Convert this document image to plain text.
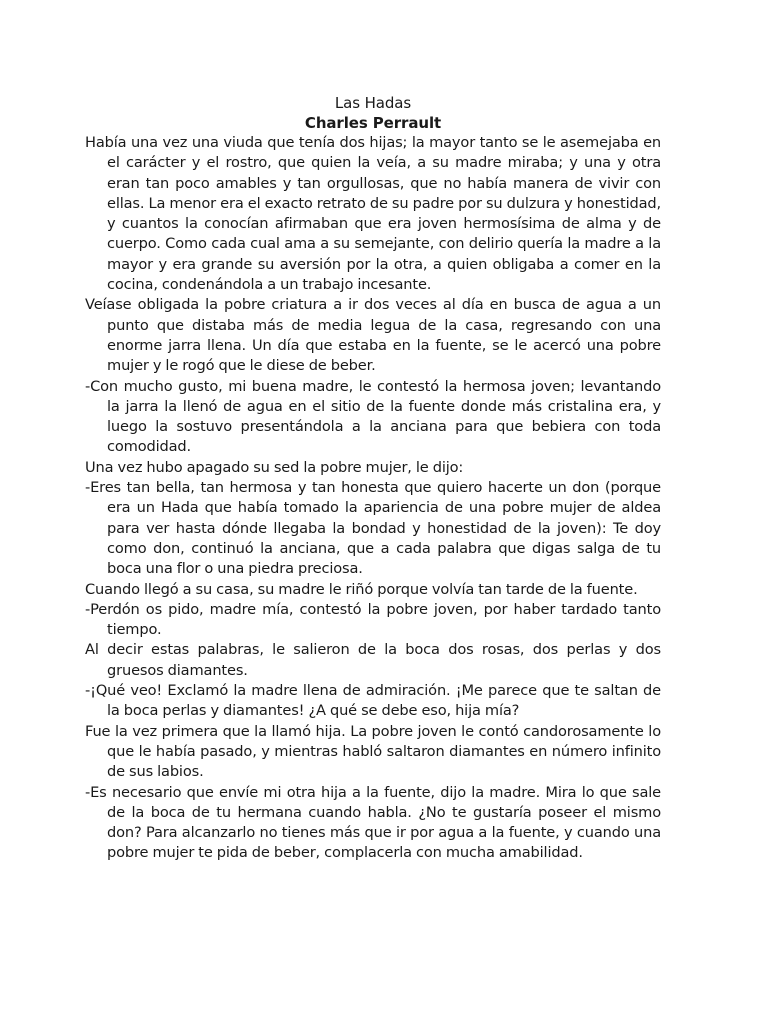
Las Hadas

Charles Perrault

Había una vez una viuda que tenía dos hijas; la mayor tanto se le asemejaba en el carácter y el rostro, que quien la veía, a su madre miraba; y una y otra eran tan poco amables y tan orgullosas, que no había manera de vivir con ellas. La menor era el exacto retrato de su padre por su dulzura y honestidad, y cuantos la conocían afirmaban que era joven hermosísima de alma y de cuerpo. Como cada cual ama a su semejante, con delirio quería la madre a la mayor y era grande su aversión por la otra, a quien obligaba a comer en la cocina, condenándola a un trabajo incesante.

Veíase obligada la pobre criatura a ir dos veces al día en busca de agua a un punto que distaba más de media legua de la casa, regresando con una enorme jarra llena. Un día que estaba en la fuente, se le acercó una pobre mujer y le rogó que le diese de beber.

-Con mucho gusto, mi buena madre, le contestó la hermosa joven; levantando la jarra la llenó de agua en el sitio de la fuente donde más cristalina era, y luego la sostuvo presentándola a la anciana para que bebiera con toda comodidad.

Una vez hubo apagado su sed la pobre mujer, le dijo:

-Eres tan bella, tan hermosa y tan honesta que quiero hacerte un don (porque era un Hada que había tomado la apariencia de una pobre mujer de aldea para ver hasta dónde llegaba la bondad y honestidad de la joven): Te doy como don, continuó la anciana, que a cada palabra que digas salga de tu boca una flor o una piedra preciosa.

Cuando llegó a su casa, su madre le riñó porque volvía tan tarde de la fuente.

-Perdón os pido, madre mía, contestó la pobre joven, por haber tardado tanto tiempo.

Al decir estas palabras, le salieron de la boca dos rosas, dos perlas y dos gruesos diamantes.

-¡Qué veo! Exclamó la madre llena de admiración. ¡Me parece que te saltan de la boca perlas y diamantes! ¿A qué se debe eso, hija mía?

Fue la vez primera que la llamó hija. La pobre joven le contó candorosamente lo que le había pasado, y mientras habló saltaron diamantes en número infinito de sus labios.

-Es necesario que envíe mi otra hija a la fuente, dijo la madre. Mira lo que sale de la boca de tu hermana cuando habla. ¿No te gustaría poseer el mismo don? Para alcanzarlo no tienes más que ir por agua a la fuente, y cuando una pobre mujer te pida de beber, complacerla con mucha amabilidad.
